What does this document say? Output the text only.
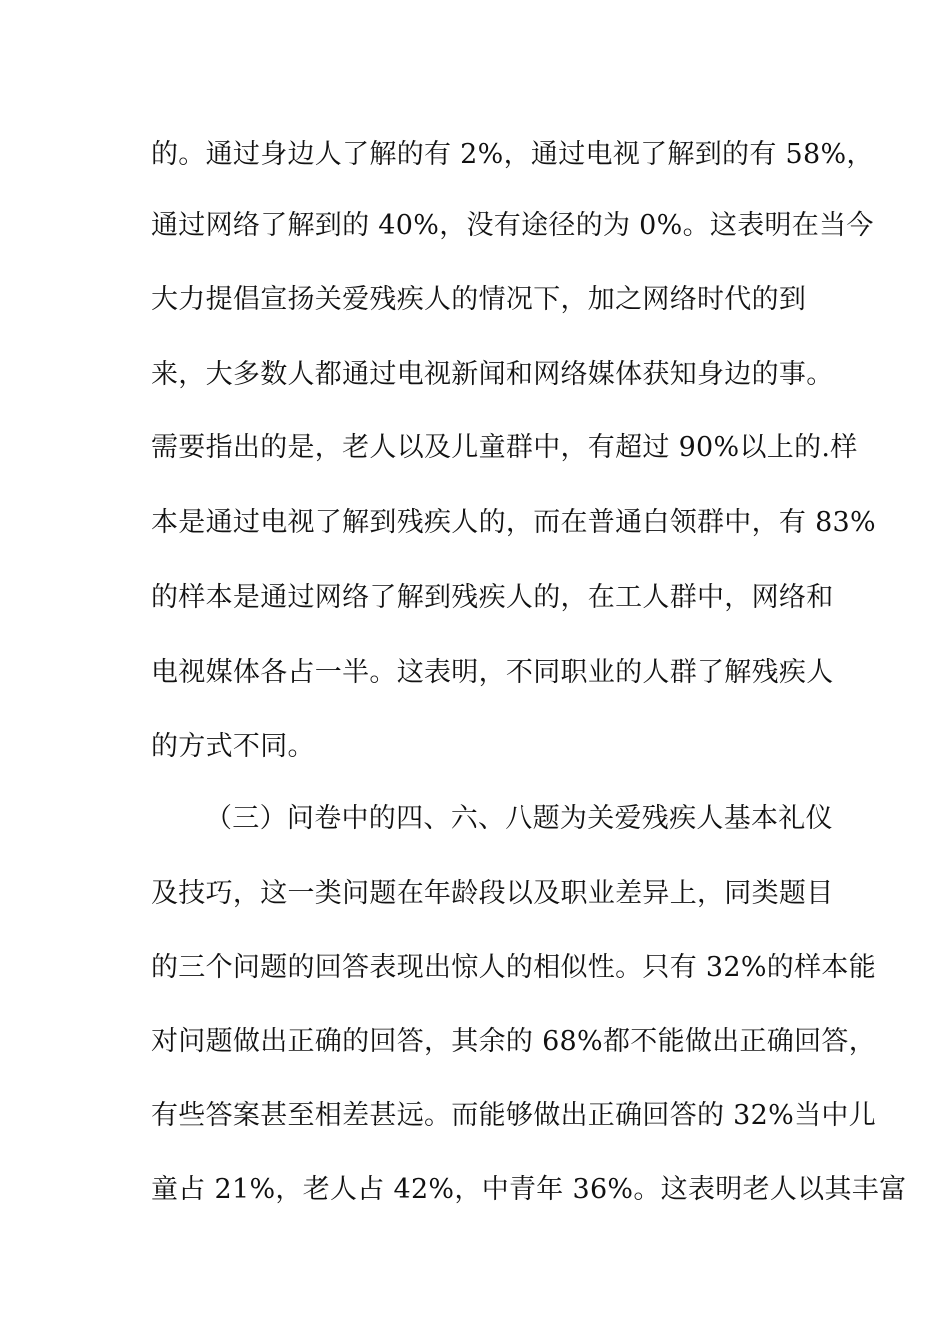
的。通过身边人了解的有 2%，通过电视了解到的有 58%，
通过网络了解到的 40%，没有途径的为 0%。这表明在当今
大力提倡宣扬关爱残疾人的情况下，加之网络时代的到
来，大多数人都通过电视新闻和网络媒体获知身边的事。
需要指出的是，老人以及儿童群中，有超过 90%以上的.样
本是通过电视了解到残疾人的，而在普通白领群中，有 83%
的样本是通过网络了解到残疾人的，在工人群中，网络和
电视媒体各占一半。这表明，不同职业的人群了解残疾人
的方式不同。
（三）问卷中的四、六、八题为关爱残疾人基本礼仪
及技巧，这一类问题在年龄段以及职业差异上，同类题目
的三个问题的回答表现出惊人的相似性。只有 32%的样本能
对问题做出正确的回答，其余的 68%都不能做出正确回答，
有些答案甚至相差甚远。而能够做出正确回答的 32%当中儿
童占 21%，老人占 42%，中青年 36%。这表明老人以其丰富
